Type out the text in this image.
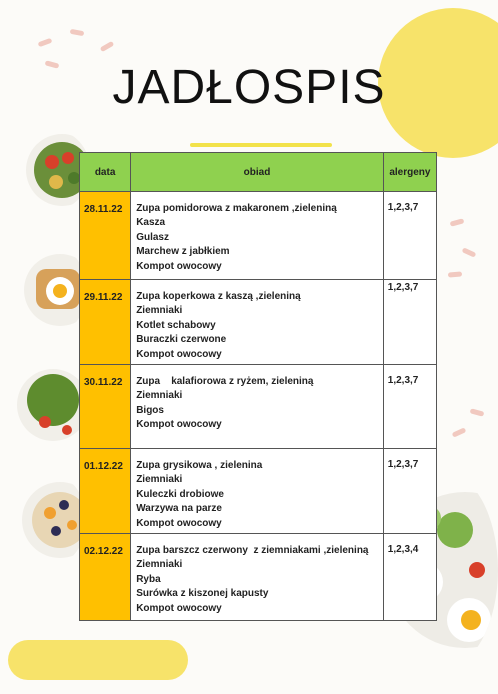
JADŁOSPIS
data	obiad	alergeny
28.11.22	Zupa pomidorowa z makaronem ,zieleniną
Kasza
Gulasz
Marchew z jabłkiem
Kompot owocowy	1,2,3,7
29.11.22	Zupa koperkowa z kaszą ,zieleniną
Ziemniaki
Kotlet schabowy
Buraczki czerwone
Kompot owocowy	1,2,3,7
30.11.22	Zupa    kalafiorowa z ryżem, zieleniną
Ziemniaki
Bigos
Kompot owocowy	1,2,3,7
01.12.22	Zupa grysikowa , zielenina
Ziemniaki
Kuleczki drobiowe
Warzywa na parze
Kompot owocowy	1,2,3,7
02.12.22	Zupa barszcz czerwony  z ziemniakami ,zieleniną
Ziemniaki
Ryba
Surówka z kiszonej kapusty
Kompot owocowy	1,2,3,4
